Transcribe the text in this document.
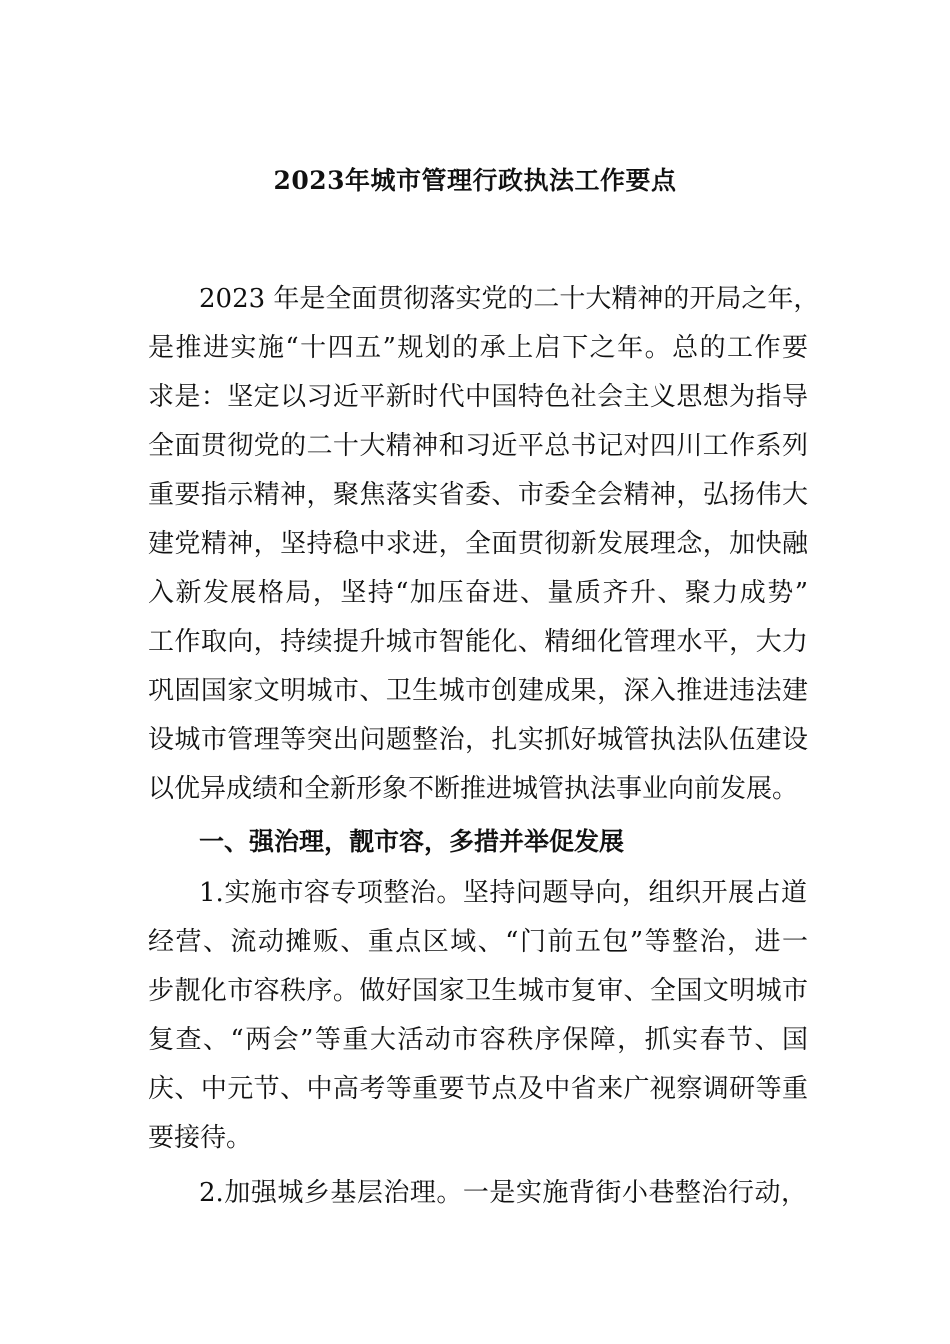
2023年城市管理行政执法工作要点
2023 年是全面贯彻落实党的二十大精神的开局之年，
是推进实施“十四五”规划的承上启下之年。总的工作要
求是：坚定以习近平新时代中国特色社会主义思想为指导
全面贯彻党的二十大精神和习近平总书记对四川工作系列
重要指示精神，聚焦落实省委、市委全会精神，弘扬伟大
建党精神，坚持稳中求进，全面贯彻新发展理念，加快融
入新发展格局，坚持“加压奋进、量质齐升、聚力成势”
工作取向，持续提升城市智能化、精细化管理水平，大力
巩固国家文明城市、卫生城市创建成果，深入推进违法建
设城市管理等突出问题整治，扎实抓好城管执法队伍建设
以优异成绩和全新形象不断推进城管执法事业向前发展。
一、强治理，靓市容，多措并举促发展
1.实施市容专项整治。坚持问题导向，组织开展占道
经营、流动摊贩、重点区域、“门前五包”等整治，进一
步靓化市容秩序。做好国家卫生城市复审、全国文明城市
复查、“两会”等重大活动市容秩序保障，抓实春节、国
庆、中元节、中高考等重要节点及中省来广视察调研等重
要接待。
2.加强城乡基层治理。一是实施背街小巷整治行动，
